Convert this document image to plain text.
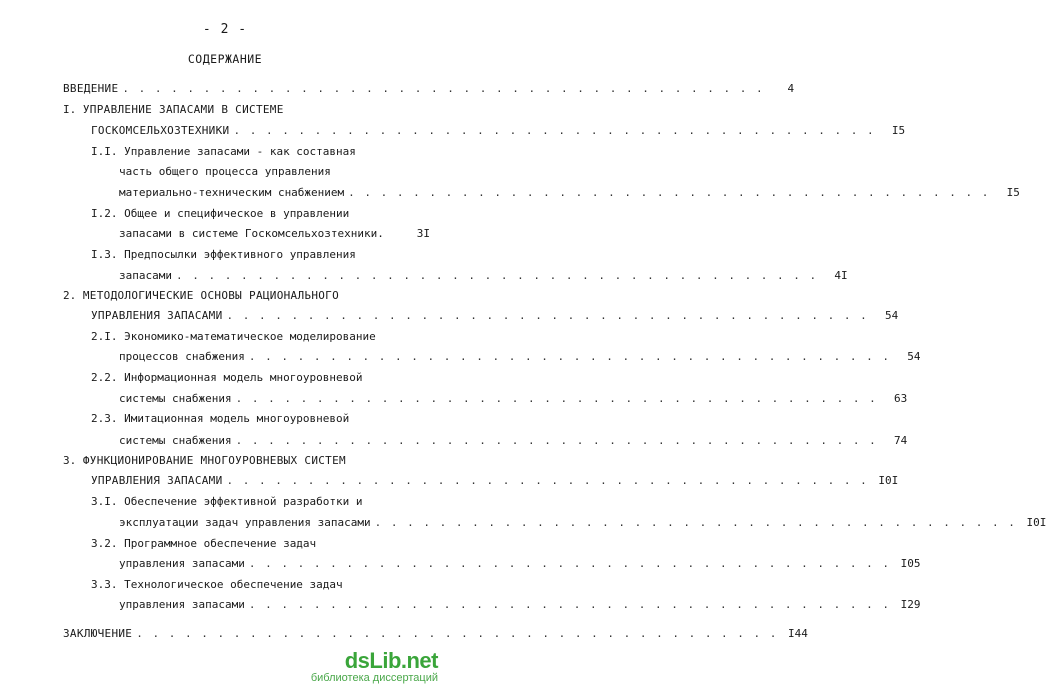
- 2 -
СОДЕРЖАНИЕ
ВВЕДЕНИЕ . . . . . . . . . . . . . . . . . . . . . . . . . . . . . . . . . . . . . . . .	4
I. УПРАВЛЕНИЕ ЗАПАСАМИ В СИСТЕМЕ
ГОСКОМСЕЛЬХОЗТЕХНИКИ . . . . . . . . . . . . . . . . . . . . . . . . . . . . . . . . . . . . . . . .	I5
I.I. Управление запасами - как составная
часть общего процесса управления
материально-техническим снабжением . . . . . . . . . . . . . . . . . . . . . . . . . . . . . . . . . . . . . . . .	I5
I.2. Общее и специфическое в управлении
запасами в системе Госкомсельхозтехники.	3I
I.3. Предпосылки эффективного управления
запасами . . . . . . . . . . . . . . . . . . . . . . . . . . . . . . . . . . . . . . . .	4I
2. МЕТОДОЛОГИЧЕСКИЕ ОСНОВЫ РАЦИОНАЛЬНОГО
УПРАВЛЕНИЯ ЗАПАСАМИ . . . . . . . . . . . . . . . . . . . . . . . . . . . . . . . . . . . . . . . .	54
2.I. Экономико-математическое моделирование
процессов снабжения . . . . . . . . . . . . . . . . . . . . . . . . . . . . . . . . . . . . . . . .	54
2.2. Информационная модель многоуровневой
системы снабжения . . . . . . . . . . . . . . . . . . . . . . . . . . . . . . . . . . . . . . . .	63
2.3. Имитационная модель многоуровневой
системы снабжения . . . . . . . . . . . . . . . . . . . . . . . . . . . . . . . . . . . . . . . .	74
3. ФУНКЦИОНИРОВАНИЕ МНОГОУРОВНЕВЫХ СИСТЕМ
УПРАВЛЕНИЯ ЗАПАСАМИ . . . . . . . . . . . . . . . . . . . . . . . . . . . . . . . . . . . . . . . . I0I
3.I. Обеспечение эффективной разработки и
эксплуатации задач управления запасами . . . . . . . . . . . . . . . . . . . . . . . . . . . . . . . . . . . . . . . . I0I
3.2. Программное обеспечение задач
управления запасами . . . . . . . . . . . . . . . . . . . . . . . . . . . . . . . . . . . . . . . . I05
3.3. Технологическое обеспечение задач
управления запасами . . . . . . . . . . . . . . . . . . . . . . . . . . . . . . . . . . . . . . . . I29
ЗАКЛЮЧЕНИЕ . . . . . . . . . . . . . . . . . . . . . . . . . . . . . . . . . . . . . . . . I44
dsLib.net
библиотека диссертаций
